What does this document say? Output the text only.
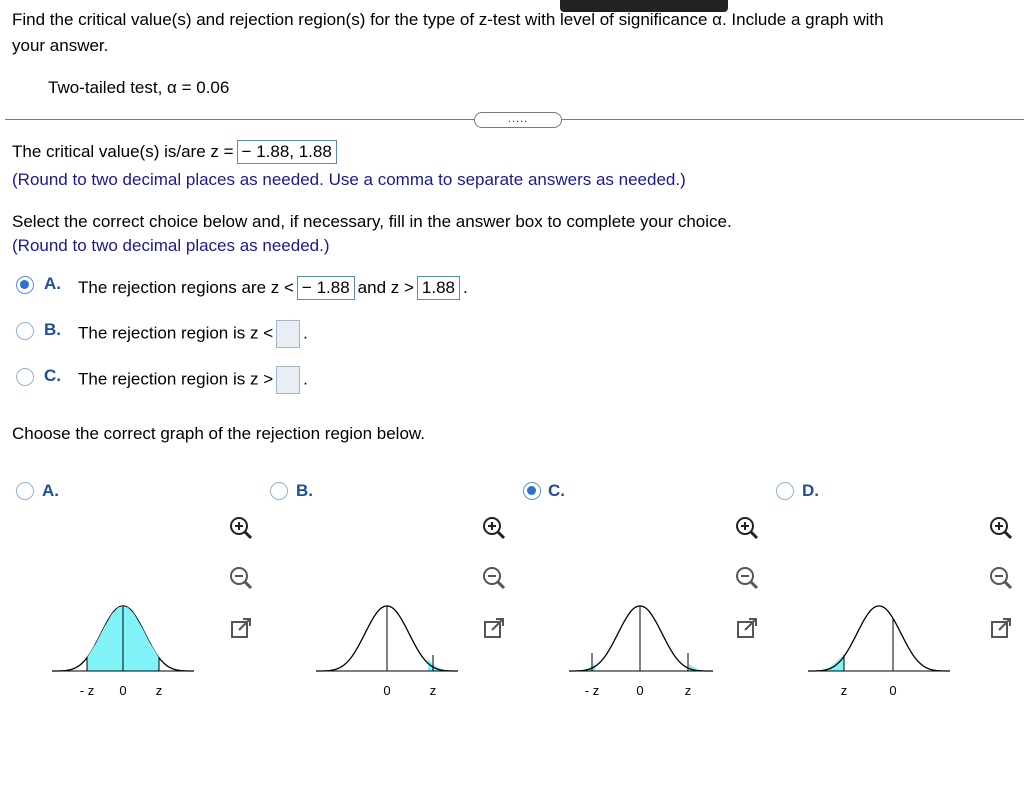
Find the critical value(s) and rejection region(s) for the type of z-test with level of significance α. Include a graph with
your answer.
Two-tailed test, α = 0.06
.....
The critical value(s) is/are z = − 1.88, 1.88
(Round to two decimal places as needed. Use a comma to separate answers as needed.)
Select the correct choice below and, if necessary, fill in the answer box to complete your choice.
(Round to two decimal places as needed.)
A. The rejection regions are z < − 1.88 and z > 1.88 .
B. The rejection region is z < .
C. The rejection region is z > .
Choose the correct graph of the rejection region below.
A.	B.	C.	D.
- z 0 z	0	z	- z	0	z	z	0
